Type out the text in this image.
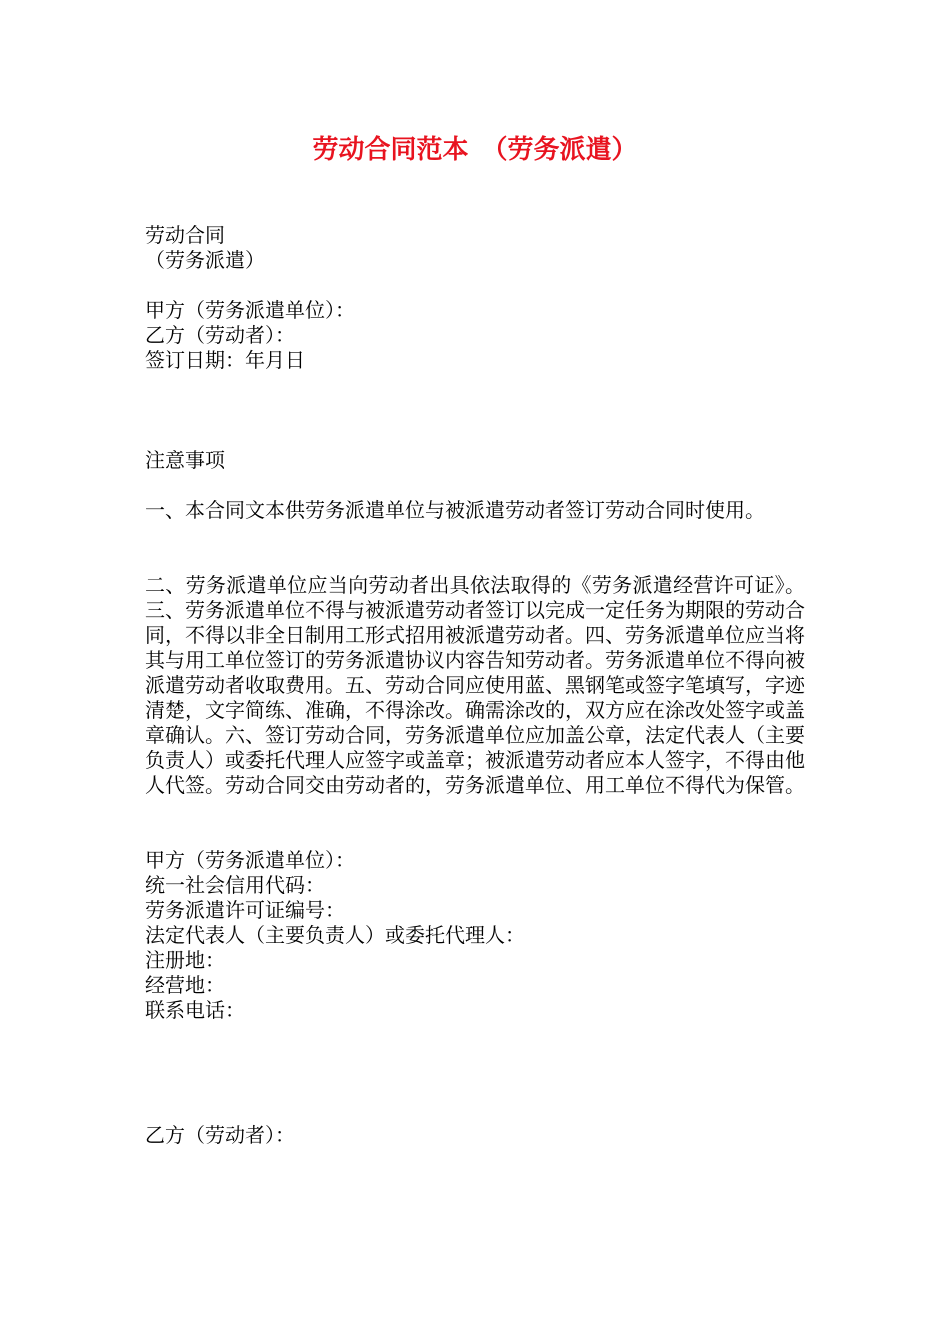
劳动合同范本　（劳务派遣）
劳动合同
（劳务派遣）
甲方（劳务派遣单位）：
乙方（劳动者）：
签订日期：年月日
注意事项
一、本合同文本供劳务派遣单位与被派遣劳动者签订劳动合同时使用。
二、劳务派遣单位应当向劳动者出具依法取得的《劳务派遣经营许可证》。三、劳务派遣单位不得与被派遣劳动者签订以完成一定任务为期限的劳动合同，不得以非全日制用工形式招用被派遣劳动者。四、劳务派遣单位应当将其与用工单位签订的劳务派遣协议内容告知劳动者。劳务派遣单位不得向被派遣劳动者收取费用。五、劳动合同应使用蓝、黑钢笔或签字笔填写，字迹清楚，文字简练、准确，不得涂改。确需涂改的，双方应在涂改处签字或盖章确认。六、签订劳动合同，劳务派遣单位应加盖公章，法定代表人（主要负责人）或委托代理人应签字或盖章；被派遣劳动者应本人签字，不得由他人代签。劳动合同交由劳动者的，劳务派遣单位、用工单位不得代为保管。
甲方（劳务派遣单位）：
统一社会信用代码：
劳务派遣许可证编号：
法定代表人（主要负责人）或委托代理人：
注册地：
经营地：
联系电话：
乙方（劳动者）：
